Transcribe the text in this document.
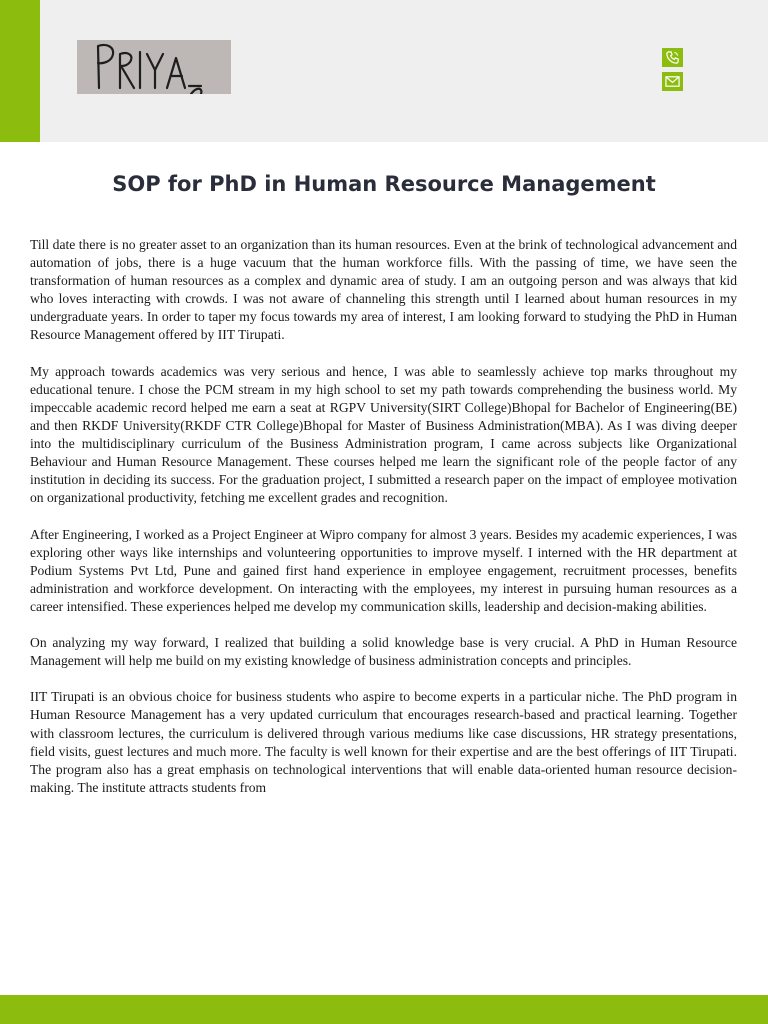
SOP for PhD in Human Resource Management

Till date there is no greater asset to an organization than its human resources. Even at the brink of technological advancement and automation of jobs, there is a huge vacuum that the human workforce fills. With the passing of time, we have seen the transformation of human resources as a complex and dynamic area of study. I am an outgoing person and was always that kid who loves interacting with crowds. I was not aware of channeling this strength until I learned about human resources in my undergraduate years. In order to taper my focus towards my area of interest, I am looking forward to studying the PhD in Human Resource Management offered by IIT Tirupati.

My approach towards academics was very serious and hence, I was able to seamlessly achieve top marks throughout my educational tenure. I chose the PCM stream in my high school to set my path towards comprehending the business world. My impeccable academic record helped me earn a seat at RGPV University(SIRT College)Bhopal for Bachelor of Engineering(BE) and then RKDF University(RKDF CTR College)Bhopal for Master of Business Administration(MBA). As I was diving deeper into the multidisciplinary curriculum of the Business Administration program, I came across subjects like Organizational Behaviour and Human Resource Management. These courses helped me learn the significant role of the people factor of any institution in deciding its success. For the graduation project, I submitted a research paper on the impact of employee motivation on organizational productivity, fetching me excellent grades and recognition.

After Engineering, I worked as a Project Engineer at Wipro company for almost 3 years. Besides my academic experiences, I was exploring other ways like internships and volunteering opportunities to improve myself. I interned with the HR department at Podium Systems Pvt Ltd, Pune and gained first hand experience in employee engagement, recruitment processes, benefits administration and workforce development. On interacting with the employees, my interest in pursuing human resources as a career intensified. These experiences helped me develop my communication skills, leadership and decision-making abilities.

On analyzing my way forward, I realized that building a solid knowledge base is very crucial. A PhD in Human Resource Management will help me build on my existing knowledge of business administration concepts and principles.

IIT Tirupati is an obvious choice for business students who aspire to become experts in a particular niche. The PhD program in Human Resource Management has a very updated curriculum that encourages research-based and practical learning. Together with classroom lectures, the curriculum is delivered through various mediums like case discussions, HR strategy presentations, field visits, guest lectures and much more. The faculty is well known for their expertise and are the best offerings of IIT Tirupati. The program also has a great emphasis on technological interventions that will enable data-oriented human resource decision-making. The institute attracts students from
